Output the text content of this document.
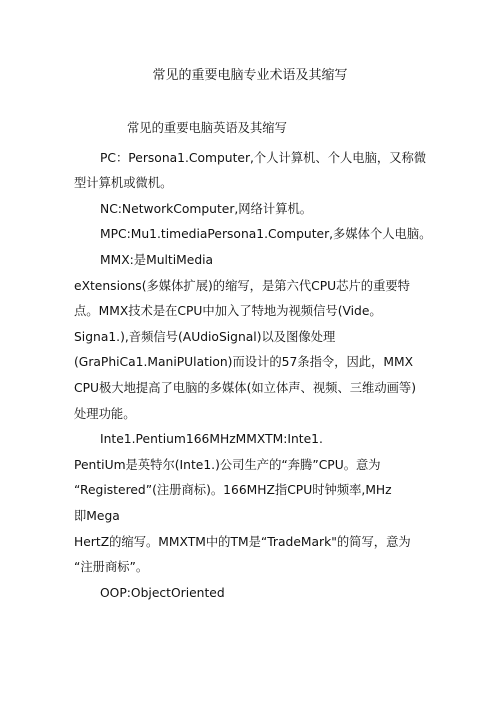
常见的重要电脑专业术语及其缩写
常见的重要电脑英语及其缩写
PC：Persona1.Computer,个人计算机、个人电脑，又称微
型计算机或微机。
NC:NetworkComputer,网络计算机。
MPC:Mu1.timediaPersona1.Computer,多媒体个人电脑。
MMX:是MultiMedia
eXtensions(多媒体扩展)的缩写，是第六代CPU芯片的重要特
点。MMX技术是在CPU中加入了特地为视频信号(Vide。
Signa1.),音频信号(AUdioSignal)以及图像处理
(GraPhiCa1.ManiPUlation)而设计的57条指令，因此，MMX
CPU极大地提高了电脑的多媒体(如立体声、视频、三维动画等)
处理功能。
Inte1.Pentium166MHzMMXTM:Inte1.
PentiUm是英特尔(Inte1.)公司生产的“奔腾”CPU。意为
“Registered”(注册商标)。166MHZ指CPU时钟频率,MHz
即Mega
HertZ的缩写。MMXTM中的TM是“TradeMark"的简写，意为
“注册商标”。
OOP:ObjectOriented
